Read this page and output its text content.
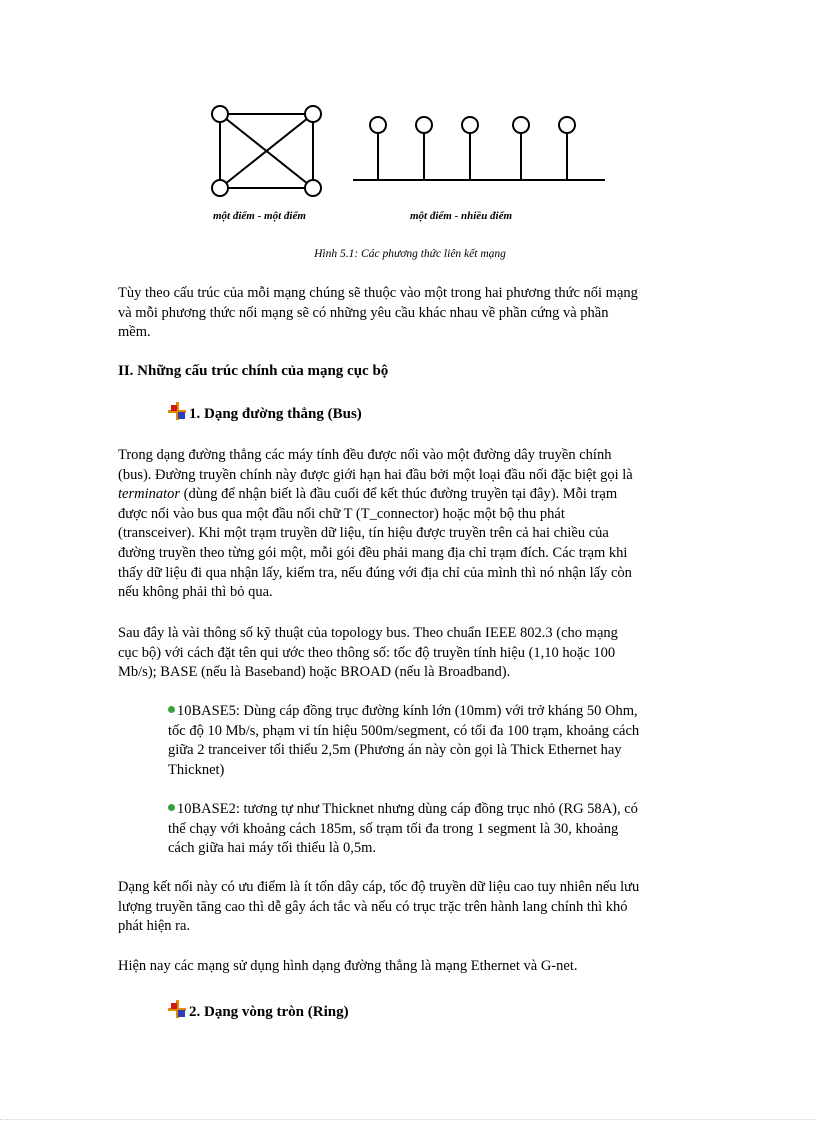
một điểm - một điểm	một điểm - nhiều điểm
Hình 5.1: Các phương thức liên kết mạng
Tùy theo cấu trúc của mỗi mạng chúng sẽ thuộc vào một trong hai phương thức nối mạng
và mỗi phương thức nối mạng sẽ có những yêu cầu khác nhau về phần cứng và phần
mềm.
II. Những cấu trúc chính của mạng cục bộ
1. Dạng đường thẳng (Bus)
Trong dạng đường thẳng các máy tính đều được nối vào một đường dây truyền chính
(bus). Đường truyền chính này được giới hạn hai đầu bởi một loại đầu nối đặc biệt gọi là
terminator (dùng để nhận biết là đầu cuối để kết thúc đường truyền tại đây). Mỗi trạm
được nối vào bus qua một đầu nối chữ T (T_connector) hoặc một bộ thu phát
(transceiver). Khi một trạm truyền dữ liệu, tín hiệu được truyền trên cả hai chiều của
đường truyền theo từng gói một, mỗi gói đều phải mang địa chỉ trạm đích. Các trạm khi
thấy dữ liệu đi qua nhận lấy, kiểm tra, nếu đúng với địa chỉ của mình thì nó nhận lấy còn
nếu không phải thì bỏ qua.
Sau đây là vài thông số kỹ thuật của topology bus. Theo chuẩn IEEE 802.3 (cho mạng
cục bộ) với cách đặt tên qui ước theo thông số: tốc độ truyền tính hiệu (1,10 hoặc 100
Mb/s); BASE (nếu là Baseband) hoặc BROAD (nếu là Broadband).
10BASE5: Dùng cáp đồng trục đường kính lớn (10mm) với trở kháng 50 Ohm,
tốc độ 10 Mb/s, phạm vi tín hiệu 500m/segment, có tối đa 100 trạm, khoảng cách
giữa 2 tranceiver tối thiểu 2,5m (Phương án này còn gọi là Thick Ethernet hay
Thicknet)
10BASE2: tương tự như Thicknet nhưng dùng cáp đồng trục nhỏ (RG 58A), có
thể chạy với khoảng cách 185m, số trạm tối đa trong 1 segment là 30, khoảng
cách giữa hai máy tối thiểu là 0,5m.
Dạng kết nối này có ưu điểm là ít tốn dây cáp, tốc độ truyền dữ liệu cao tuy nhiên nếu lưu
lượng truyền tăng cao thì dễ gây ách tắc và nếu có trục trặc trên hành lang chính thì khó
phát hiện ra.
Hiện nay các mạng sử dụng hình dạng đường thẳng là mạng Ethernet và G-net.
2. Dạng vòng tròn (Ring)
